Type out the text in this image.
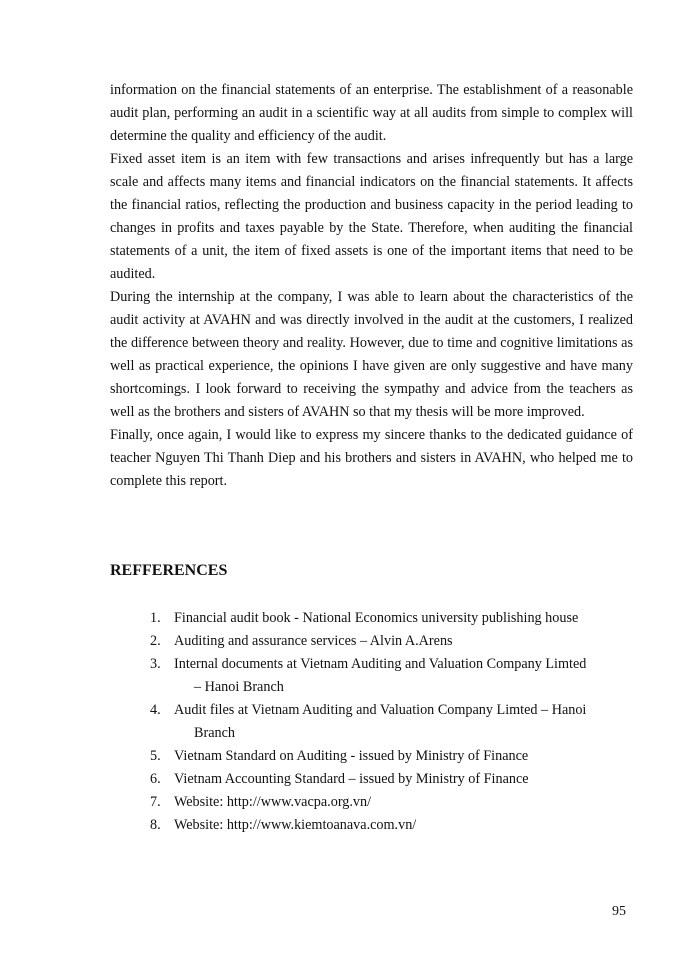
information on the financial statements of an enterprise. The establishment of a reasonable audit plan, performing an audit in a scientific way at all audits from simple to complex will determine the quality and efficiency of the audit.

Fixed asset item is an item with few transactions and arises infrequently but has a large scale and affects many items and financial indicators on the financial statements. It affects the financial ratios, reflecting the production and business capacity in the period leading to changes in profits and taxes payable by the State. Therefore, when auditing the financial statements of a unit, the item of fixed assets is one of the important items that need to be audited.

During the internship at the company, I was able to learn about the characteristics of the audit activity at AVAHN and was directly involved in the audit at the customers, I realized the difference between theory and reality. However, due to time and cognitive limitations as well as practical experience, the opinions I have given are only suggestive and have many shortcomings. I look forward to receiving the sympathy and advice from the teachers as well as the brothers and sisters of AVAHN so that my thesis will be more improved.

Finally, once again, I would like to express my sincere thanks to the dedicated guidance of teacher Nguyen Thi Thanh Diep and his brothers and sisters in AVAHN, who helped me to complete this report.

REFFERENCES
1. Financial audit book - National Economics university publishing house
2. Auditing and assurance services – Alvin A.Arens
3. Internal documents at Vietnam Auditing and Valuation Company Limted
– Hanoi Branch
4. Audit files at Vietnam Auditing and Valuation Company Limted – Hanoi
Branch
5. Vietnam Standard on Auditing - issued by Ministry of Finance
6. Vietnam Accounting Standard – issued by Ministry of Finance
7. Website: http://www.vacpa.org.vn/
8. Website: http://www.kiemtoanava.com.vn/
95
